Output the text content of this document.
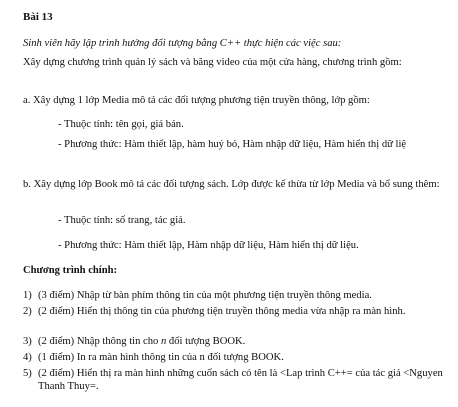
Bài 13
Sinh viên hãy lập trình hướng đối tượng bằng C++ thực hiện các việc sau:
Xây dựng chương trình quản lý sách và băng video của một cửa hàng, chương trình gồm:
a. Xây dựng 1 lớp Media mô tả các đối tượng phương tiện truyền thông, lớp gồm:
- Thuộc tính: tên gọi, giá bán.
- Phương thức: Hàm thiết lập, hàm huỷ bỏ, Hàm nhập dữ liệu, Hàm hiển thị dữ liệ
b. Xây dựng lớp Book mô tả các đối tượng sách. Lớp được kế thừa từ lớp Media và bổ sung thêm:
- Thuộc tính: số trang, tác giả.
- Phương thức: Hàm thiết lập, Hàm nhập dữ liệu, Hàm hiển thị dữ liệu.
Chương trình chính:
1) (3 điểm) Nhập từ bàn phím thông tin của một phương tiện truyền thông media.
2) (2 điểm) Hiển thị thông tin của phương tiện truyền thông media vừa nhập ra màn hình.
3) (2 điểm) Nhập thông tin cho n đối tượng BOOK.
4) (1 điểm) In ra màn hình thông tin của n đối tượng BOOK.
5) (2 điểm) Hiển thị ra màn hình những cuốn sách có tên là <Lap trinh C++= của tác giả <Nguyen Thanh Thuy=.
